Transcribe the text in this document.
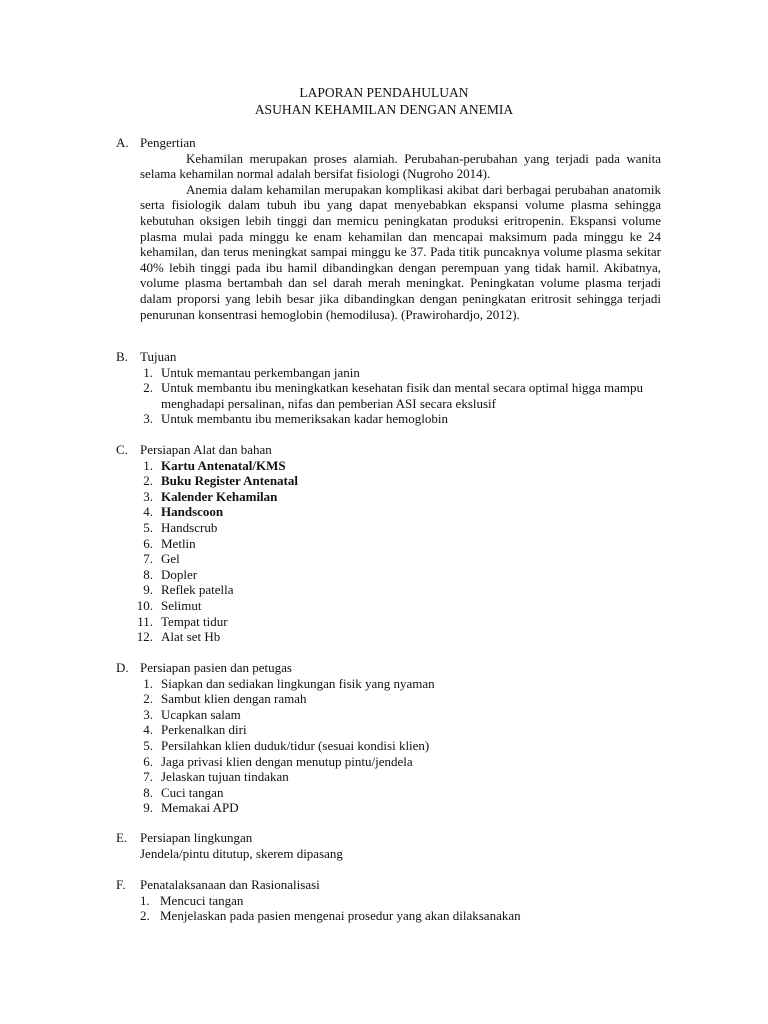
LAPORAN PENDAHULUAN
ASUHAN KEHAMILAN DENGAN ANEMIA
A. Pengertian

Kehamilan merupakan proses alamiah. Perubahan-perubahan yang terjadi pada wanita selama kehamilan normal adalah bersifat fisiologi (Nugroho 2014).

Anemia dalam kehamilan merupakan komplikasi akibat dari berbagai perubahan anatomik serta fisiologik dalam tubuh ibu yang dapat menyebabkan ekspansi volume plasma sehingga kebutuhan oksigen lebih tinggi dan memicu peningkatan produksi eritropenin. Ekspansi volume plasma mulai pada minggu ke enam kehamilan dan mencapai maksimum pada minggu ke 24 kehamilan, dan terus meningkat sampai minggu ke 37. Pada titik puncaknya volume plasma sekitar 40% lebih tinggi pada ibu hamil dibandingkan dengan perempuan yang tidak hamil. Akibatnya, volume plasma bertambah dan sel darah merah meningkat. Peningkatan volume plasma terjadi dalam proporsi yang lebih besar jika dibandingkan dengan peningkatan eritrosit sehingga terjadi penurunan konsentrasi hemoglobin (hemodilusa). (Prawirohardjo, 2012).

B. Tujuan
1. Untuk memantau perkembangan janin
2. Untuk membantu ibu meningkatkan kesehatan fisik dan mental secara optimal higga mampu menghadapi persalinan, nifas dan pemberian ASI secara ekslusif
3. Untuk membantu ibu memeriksakan kadar hemoglobin
C. Persiapan Alat dan bahan
1. Kartu Antenatal/KMS
2. Buku Register Antenatal
3. Kalender Kehamilan
4. Handscoon
5. Handscrub
6. Metlin
7. Gel
8. Dopler
9. Reflek patella
10. Selimut
11. Tempat tidur
12. Alat set Hb
D. Persiapan pasien dan petugas
1. Siapkan dan sediakan lingkungan fisik yang nyaman
2. Sambut klien dengan ramah
3. Ucapkan salam
4. Perkenalkan diri
5. Persilahkan klien duduk/tidur (sesuai kondisi klien)
6. Jaga privasi klien dengan menutup pintu/jendela
7. Jelaskan tujuan tindakan
8. Cuci tangan
9. Memakai APD
E. Persiapan lingkungan
Jendela/pintu ditutup, skerem dipasang
F.	Penatalaksanaan dan Rasionalisasi
1. Mencuci tangan
2. Menjelaskan pada pasien mengenai prosedur yang akan dilaksanakan
